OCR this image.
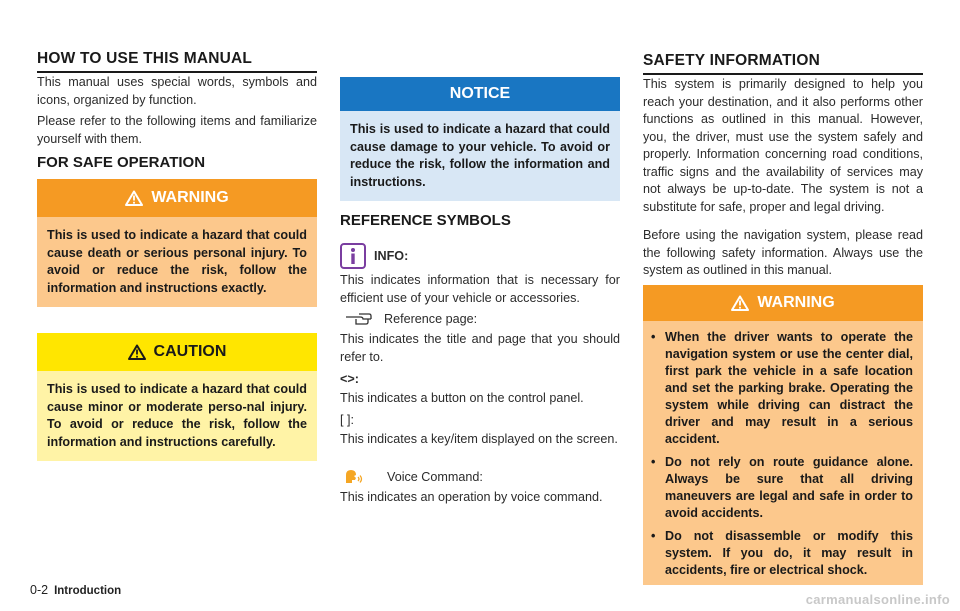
HOW TO USE THIS MANUAL

This manual uses special words, symbols and icons, organized by function.

Please refer to the following items and familiarize yourself with them.

FOR SAFE OPERATION
WARNING

This is used to indicate a hazard that could cause death or serious personal injury. To avoid or reduce the risk, follow the information and instructions exactly.

CAUTION

This is used to indicate a hazard that could cause minor or moderate perso-nal injury. To avoid or reduce the risk, follow the information and instructions carefully.

NOTICE

This is used to indicate a hazard that could cause damage to your vehicle. To avoid or reduce the risk, follow the information and instructions.

REFERENCE SYMBOLS
INFO:

This indicates information that is necessary for efficient use of your vehicle or accessories.

Reference page:

This indicates the title and page that you should refer to.

<>:

This indicates a button on the control panel.

[ ]:

This indicates a key/item displayed on the screen.

Voice Command:

This indicates an operation by voice command.

SAFETY INFORMATION

This system is primarily designed to help you reach your destination, and it also performs other functions as outlined in this manual. However, you, the driver, must use the system safely and properly. Information concerning road conditions, traffic signs and the availability of services may not always be up-to-date. The system is not a substitute for safe, proper and legal driving.

Before using the navigation system, please read the following safety information. Always use the system as outlined in this manual.

WARNING
• When the driver wants to operate the navigation system or use the center dial, first park the vehicle in a safe location and set the parking brake. Operating the system while driving can distract the driver and may result in a serious accident.
• Do not rely on route guidance alone. Always be sure that all driving maneuvers are legal and safe in order to avoid accidents.
• Do not disassemble or modify this system. If you do, it may result in accidents, fire or electrical shock.
0-2 Introduction
carmanualsonline.info
